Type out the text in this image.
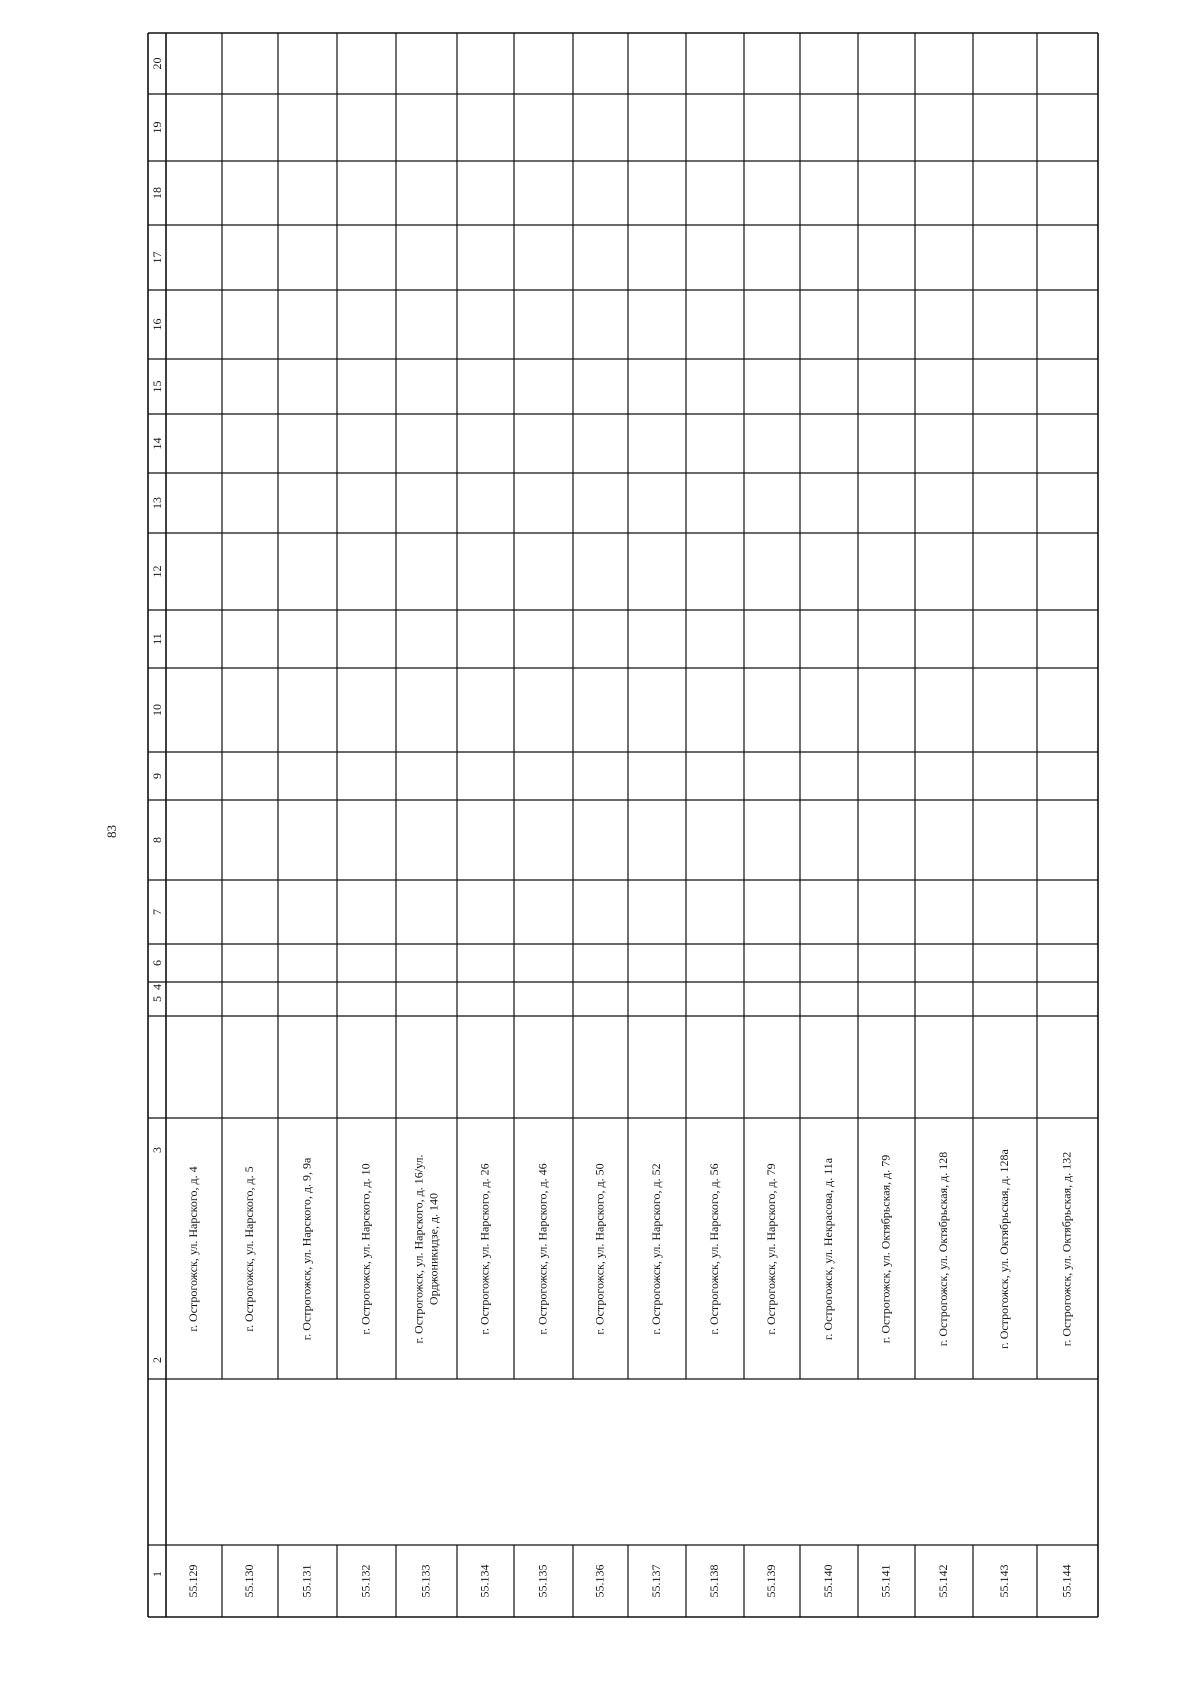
83
1
2
3
4
5
6
7
8
9
10
11
12
13
14
15
16
17
18
19
20
55.129
г. Острогожск, ул. Нарского, д. 4
55.130
г. Острогожск, ул. Нарского, д. 5
55.131
г. Острогожск, ул. Нарского, д. 9, 9а
55.132
г. Острогожск, ул. Нарского, д. 10
55.133
г. Острогожск, ул. Нарского, д. 16/ул. Орджоникидзе, д. 140
55.134
г. Острогожск, ул. Нарского, д. 26
55.135
г. Острогожск, ул. Нарского, д. 46
55.136
г. Острогожск, ул. Нарского, д. 50
55.137
г. Острогожск, ул. Нарского, д. 52
55.138
г. Острогожск, ул. Нарского, д. 56
55.139
г. Острогожск, ул. Нарского, д. 79
55.140
г. Острогожск, ул. Некрасова, д. 11а
55.141
г. Острогожск, ул. Октябрьская, д. 79
55.142
г. Острогожск, ул. Октябрьская, д. 128
55.143
г. Острогожск, ул. Октябрьская, д. 128а
55.144
г. Острогожск, ул. Октябрьская, д. 132
